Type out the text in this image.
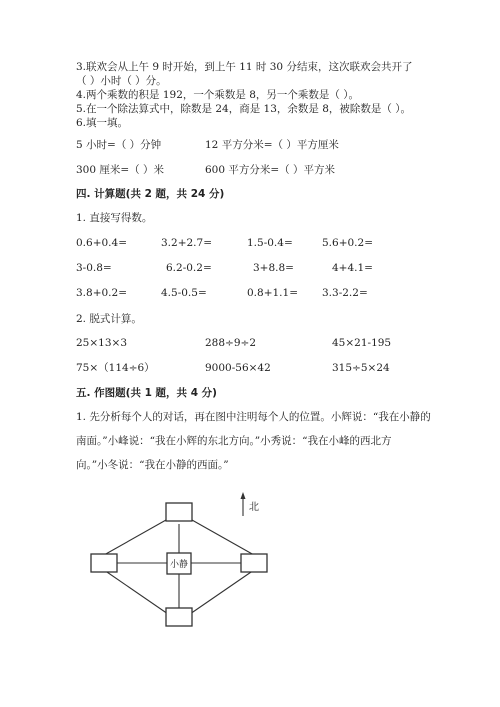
3.联欢会从上午 9 时开始，到上午 11 时 30 分结束，这次联欢会共开了
（ ）小时（ ）分。
4.两个乘数的积是 192，一个乘数是 8，另一个乘数是（ ）。
5.在一个除法算式中，除数是 24，商是 13，余数是 8，被除数是（ ）。
6.填一填。
5 小时=（ ）分钟	12 平方分米=（ ）平方厘米
300 厘米=（ ）米	600 平方分米=（ ）平方米
四. 计算题(共 2 题，共 24 分)
1. 直接写得数。
0.6+0.4=	3.2+2.7=	1.5-0.4=	5.6+0.2=
3-0.8=	6.2-0.2=	3+8.8=	4+4.1=
3.8+0.2=	4.5-0.5=	0.8+1.1= 3.3-2.2=
2. 脱式计算。
25×13×3	288÷9÷2	45×21-195
75×（114÷6）	9000-56×42	315÷5×24
五. 作图题(共 1 题，共 4 分)
1. 先分析每个人的对话，再在图中注明每个人的位置。小辉说：“我在小静的
南面。”小峰说：“我在小辉的东北方向。”小秀说：“我在小峰的西北方
向。”小冬说：“我在小静的西面。”
小静
北
